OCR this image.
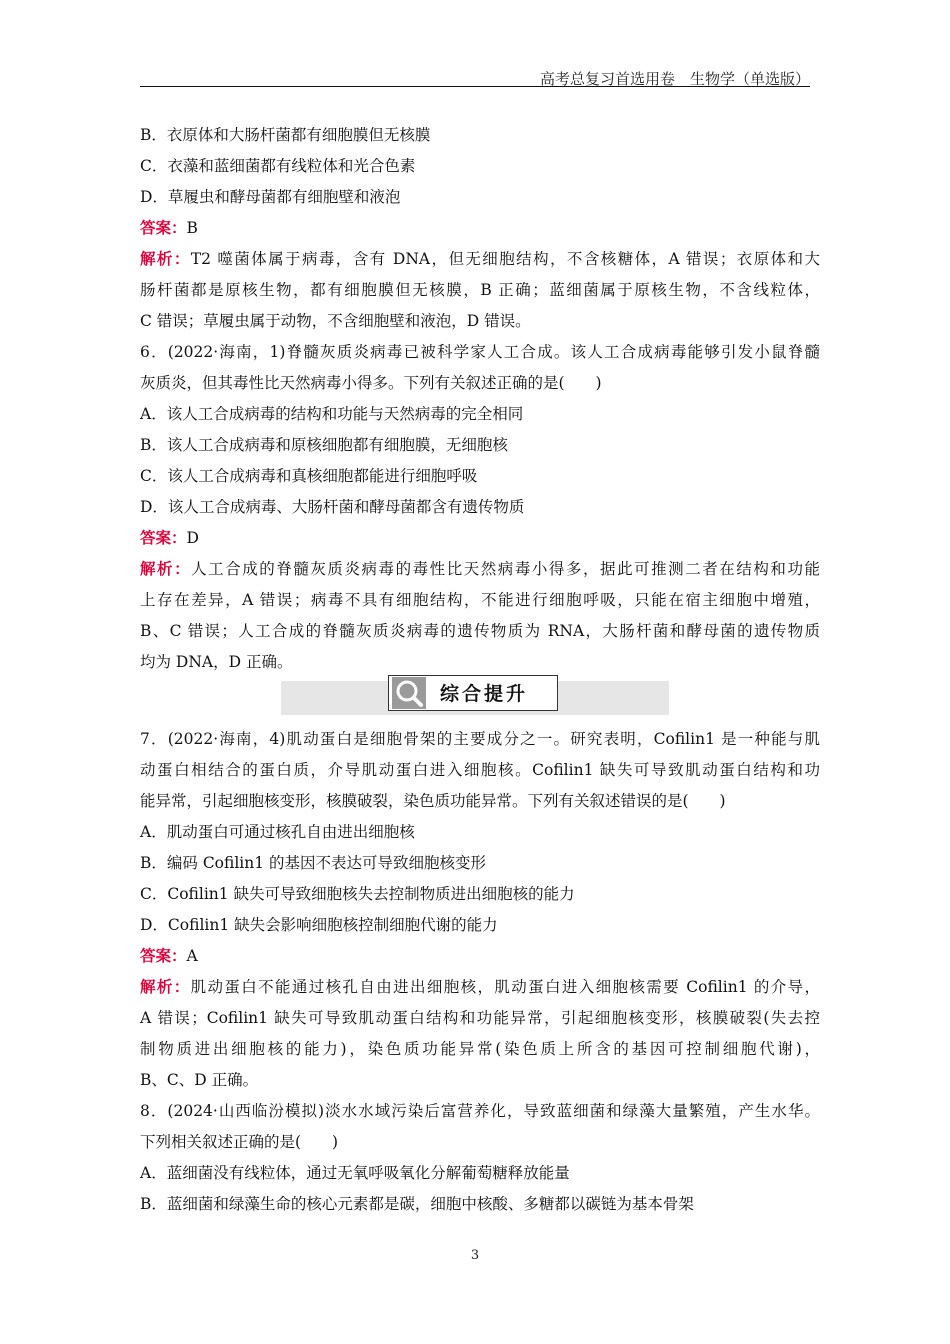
高考总复习首选用卷　生物学（单选版）
B．衣原体和大肠杆菌都有细胞膜但无核膜
C．衣藻和蓝细菌都有线粒体和光合色素
D．草履虫和酵母菌都有细胞壁和液泡
答案：B
解析：T2 噬菌体属于病毒，含有 DNA，但无细胞结构，不含核糖体，A 错误；衣原体和大
肠杆菌都是原核生物，都有细胞膜但无核膜，B 正确；蓝细菌属于原核生物，不含线粒体，
C 错误；草履虫属于动物，不含细胞壁和液泡，D 错误。
6．(2022·海南，1)脊髓灰质炎病毒已被科学家人工合成。该人工合成病毒能够引发小鼠脊髓
灰质炎，但其毒性比天然病毒小得多。下列有关叙述正确的是(　　)
A．该人工合成病毒的结构和功能与天然病毒的完全相同
B．该人工合成病毒和原核细胞都有细胞膜，无细胞核
C．该人工合成病毒和真核细胞都能进行细胞呼吸
D．该人工合成病毒、大肠杆菌和酵母菌都含有遗传物质
答案：D
解析：人工合成的脊髓灰质炎病毒的毒性比天然病毒小得多，据此可推测二者在结构和功能
上存在差异，A 错误；病毒不具有细胞结构，不能进行细胞呼吸，只能在宿主细胞中增殖，
B、C 错误；人工合成的脊髓灰质炎病毒的遗传物质为 RNA，大肠杆菌和酵母菌的遗传物质
均为 DNA，D 正确。
综合提升
7．(2022·海南，4)肌动蛋白是细胞骨架的主要成分之一。研究表明，Cofilin1 是一种能与肌
动蛋白相结合的蛋白质，介导肌动蛋白进入细胞核。Cofilin1 缺失可导致肌动蛋白结构和功
能异常，引起细胞核变形，核膜破裂，染色质功能异常。下列有关叙述错误的是(　　)
A．肌动蛋白可通过核孔自由进出细胞核
B．编码 Cofilin1 的基因不表达可导致细胞核变形
C．Cofilin1 缺失可导致细胞核失去控制物质进出细胞核的能力
D．Cofilin1 缺失会影响细胞核控制细胞代谢的能力
答案：A
解析：肌动蛋白不能通过核孔自由进出细胞核，肌动蛋白进入细胞核需要 Cofilin1 的介导，
A 错误；Cofilin1 缺失可导致肌动蛋白结构和功能异常，引起细胞核变形，核膜破裂(失去控
制物质进出细胞核的能力)，染色质功能异常(染色质上所含的基因可控制细胞代谢)，
B、C、D 正确。
8．(2024·山西临汾模拟)淡水水域污染后富营养化，导致蓝细菌和绿藻大量繁殖，产生水华。
下列相关叙述正确的是(　　)
A．蓝细菌没有线粒体，通过无氧呼吸氧化分解葡萄糖释放能量
B．蓝细菌和绿藻生命的核心元素都是碳，细胞中核酸、多糖都以碳链为基本骨架
3
